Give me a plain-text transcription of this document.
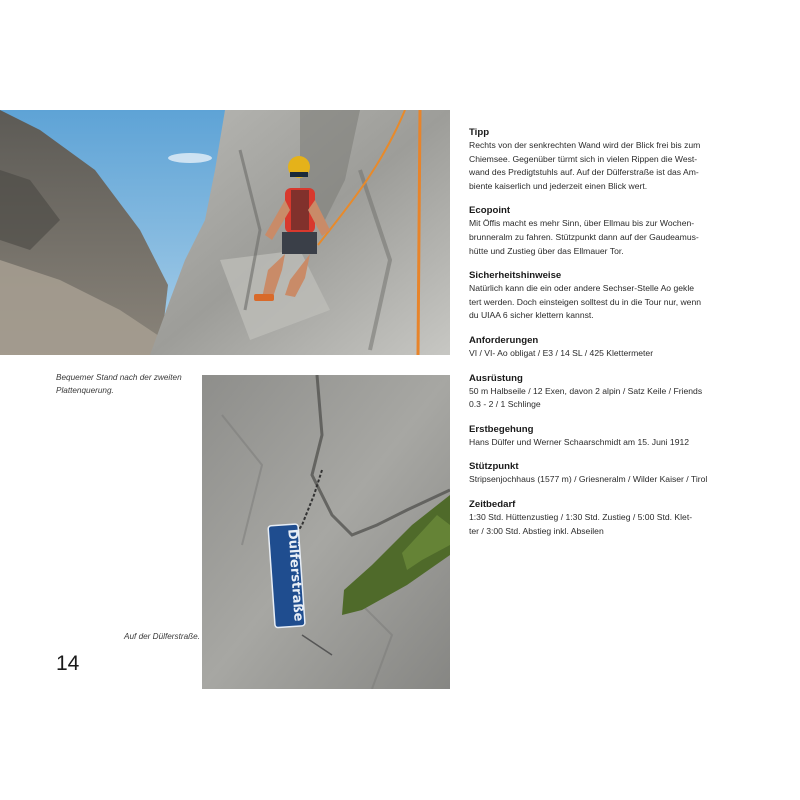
Bequemer Stand nach der zweiten
Plattenquerung.
Dülferstraße
Auf der Dülferstraße.
14
Tipp
Rechts von der senkrechten Wand wird der Blick frei bis zum
Chiemsee. Gegenüber türmt sich in vielen Rippen die West-
wand des Predigtstuhls auf. Auf der Dülferstraße ist das Am-
biente kaiserlich und jederzeit einen Blick wert.
Ecopoint
Mit Öffis macht es mehr Sinn, über Ellmau bis zur Wochen-
brunneralm zu fahren. Stützpunkt dann auf der Gaudeamus-
hütte und Zustieg über das Ellmauer Tor.
Sicherheitshinweise
Natürlich kann die ein oder andere Sechser-Stelle Ao gekle
tert werden. Doch einsteigen solltest du in die Tour nur, wenn
du UIAA 6 sicher klettern kannst.
Anforderungen
VI / VI- Ao obligat / E3 / 14 SL / 425 Klettermeter
Ausrüstung
50 m Halbseile / 12 Exen, davon 2 alpin / Satz Keile / Friends
0.3 - 2 / 1 Schlinge
Erstbegehung
Hans Dülfer und Werner Schaarschmidt am 15. Juni 1912
Stützpunkt
Stripsenjochhaus (1577 m) / Griesneralm / Wilder Kaiser / Tirol
Zeitbedarf
1:30 Std. Hüttenzustieg / 1:30 Std. Zustieg / 5:00 Std. Klet-
ter / 3:00 Std. Abstieg inkl. Abseilen
